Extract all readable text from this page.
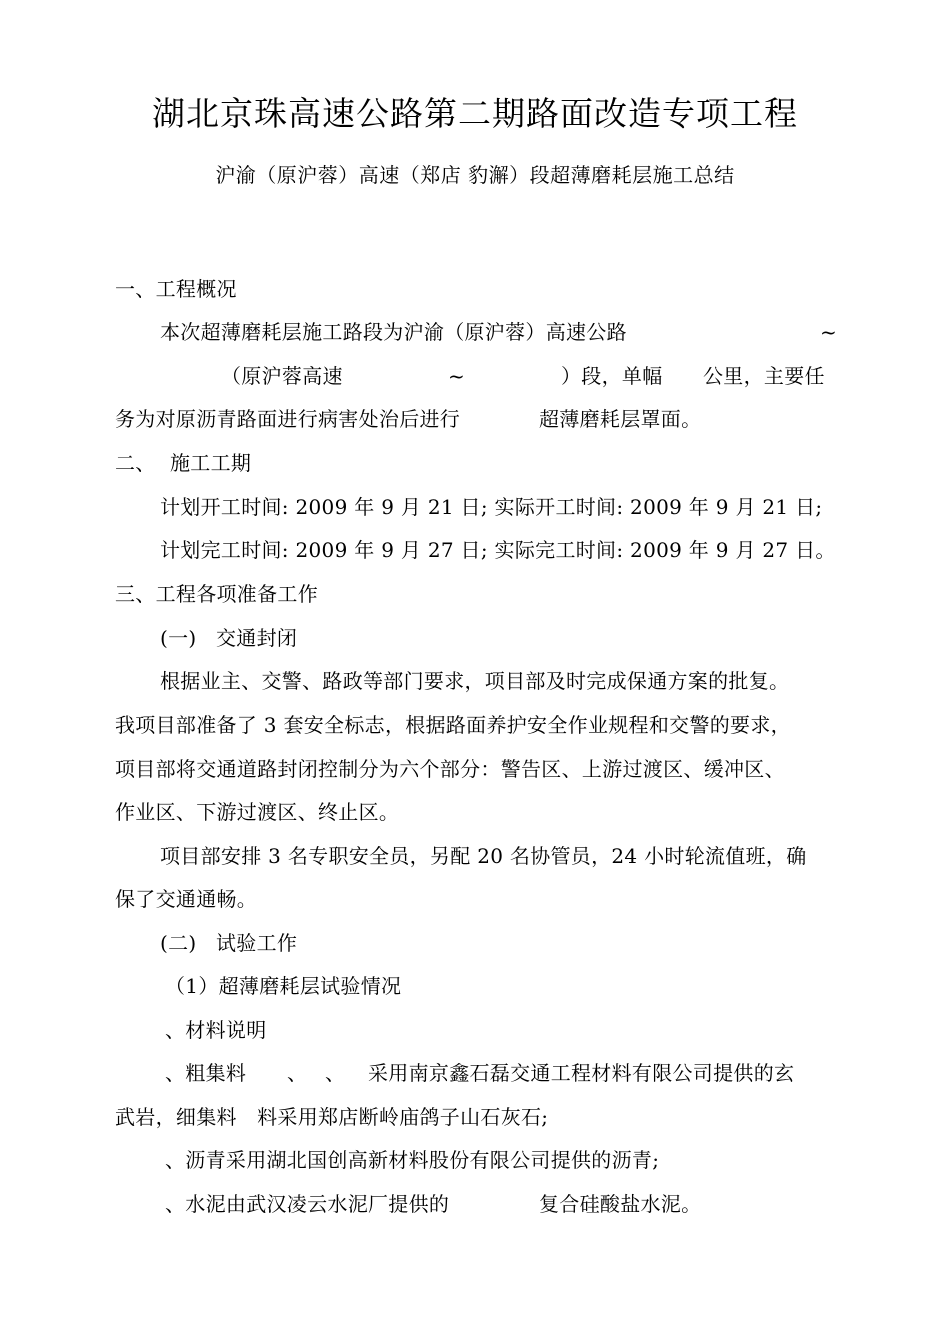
湖北京珠高速公路第二期路面改造专项工程
沪渝（原沪蓉）高速（郑店 豹澥）段超薄磨耗层施工总结
一、工程概况
本次超薄磨耗层施工路段为沪渝（原沪蓉）高速公路	~
（原沪蓉高速	~	）段，单幅 公里，主要任
务为对原沥青路面进行病害处治后进行	超薄磨耗层罩面。
二、 施工工期
计划开工时间: 2009 年 9 月 21 日; 实际开工时间: 2009 年 9 月 21 日;
计划完工时间: 2009 年 9 月 27 日; 实际完工时间: 2009 年 9 月 27 日。
三、工程各项准备工作
(一) 交通封闭
根据业主、交警、路政等部门要求，项目部及时完成保通方案的批复。
我项目部准备了 3 套安全标志，根据路面养护安全作业规程和交警的要求，
项目部将交通道路封闭控制分为六个部分：警告区、上游过渡区、缓冲区、
作业区、下游过渡区、终止区。
项目部安排 3 名专职安全员，另配 20 名协管员，24 小时轮流值班，确
保了交通通畅。
(二) 试验工作
（1）超薄磨耗层试验情况
、材料说明
、粗集料 、 、 采用南京鑫石磊交通工程材料有限公司提供的玄
武岩，细集料　料采用郑店断岭庙鸽子山石灰石;
、沥青采用湖北国创高新材料股份有限公司提供的沥青;
、水泥由武汉凌云水泥厂提供的	复合硅酸盐水泥。
